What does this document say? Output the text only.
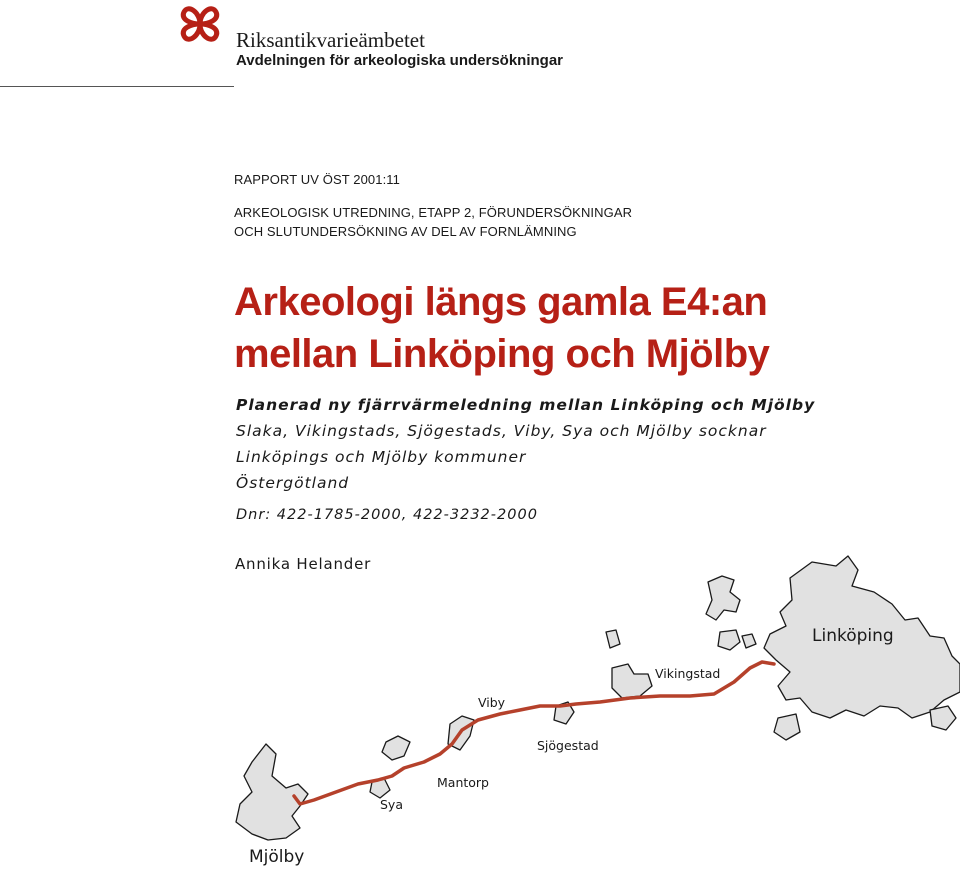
Riksantikvarieämbetet
Avdelningen för arkeologiska undersökningar
RAPPORT UV ÖST 2001:11
ARKEOLOGISK UTREDNING, ETAPP 2, FÖRUNDERSÖKNINGAR
OCH SLUTUNDERSÖKNING AV DEL AV FORNLÄMNING
Arkeologi längs gamla E4:an
mellan Linköping och Mjölby
Planerad ny fjärrvärmeledning mellan Linköping och Mjölby
Slaka, Vikingstads, Sjögestads, Viby, Sya och Mjölby socknar
Linköpings och Mjölby kommuner
Östergötland
Dnr: 422-1785-2000, 422-3232-2000
Annika Helander
Linköping
Vikingstad
Viby
Sjögestad
Mantorp
Sya
Mjölby
